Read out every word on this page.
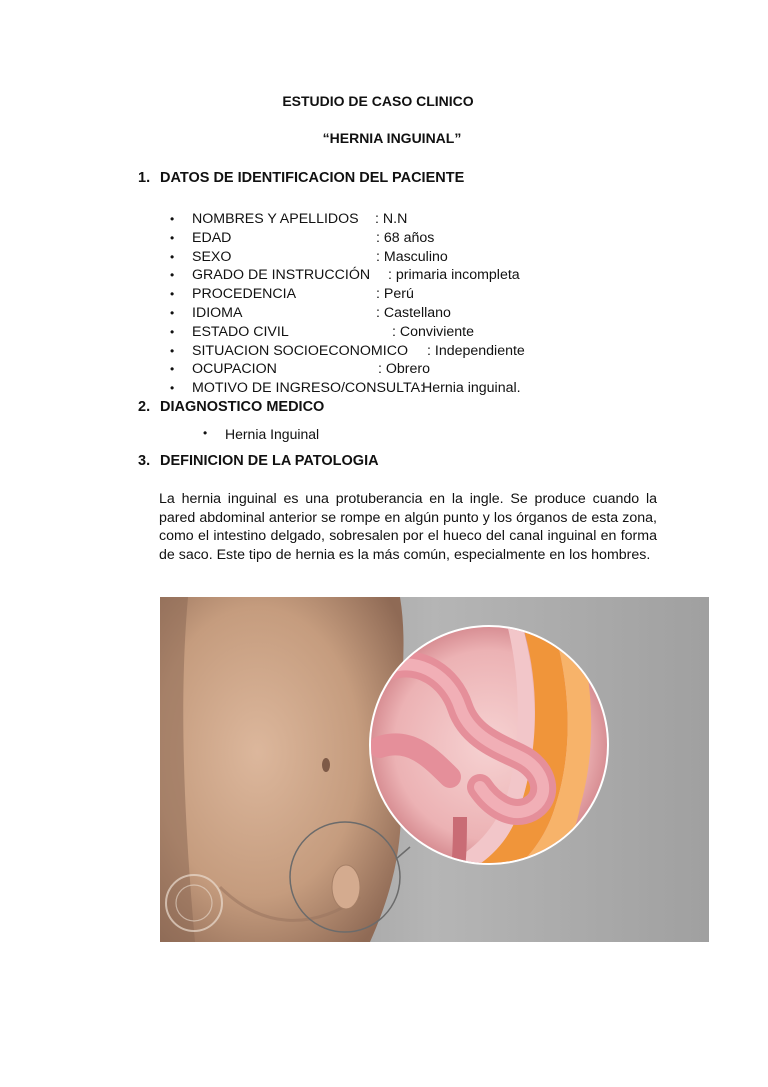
ESTUDIO DE CASO CLINICO
“HERNIA INGUINAL”
1. DATOS DE IDENTIFICACION DEL PACIENTE
•	NOMBRES Y APELLIDOS : N.N
•	EDAD	: 68 años
•	SEXO	: Masculino
•	GRADO DE INSTRUCCIÓN : primaria incompleta
•	PROCEDENCIA	: Perú
•	IDIOMA	: Castellano
•	ESTADO CIVIL	: Conviviente
•	SITUACION SOCIOECONOMICO : Independiente
•	OCUPACION	: Obrero
•	MOTIVO DE INGRESO/CONSULTA:
Hernia inguinal.
2. DIAGNOSTICO MEDICO
• Hernia Inguinal
3. DEFINICION DE LA PATOLOGIA
La hernia inguinal es una protuberancia en la ingle. Se produce cuando la pared abdominal anterior se rompe en algún punto y los órganos de esta zona, como el intestino delgado, sobresalen por el hueco del canal inguinal en forma de saco. Este tipo de hernia es la más común, especialmente en los hombres.
